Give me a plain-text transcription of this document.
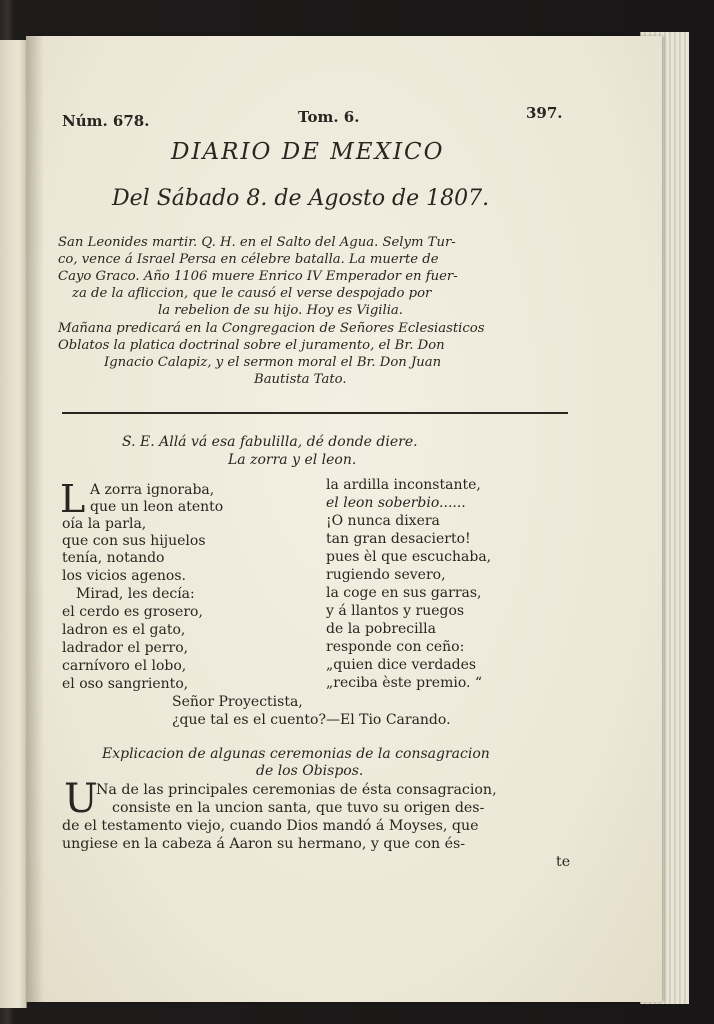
Núm. 678.	Tom. 6.	397.
DIARIO DE MEXICO
Del Sábado 8. de Agosto de 1807.
San Leonides martir. Q. H. en el Salto del Agua. Selym Tur-
co, vence á Israel Persa en célebre batalla. La muerte de
Cayo Graco. Año 1106 muere Enrico IV Emperador en fuer-
za de la afliccion, que le causó el verse despojado por
la rebelion de su hijo. Hoy es Vigilia.
Mañana predicará en la Congregacion de Señores Eclesiasticos
Oblatos la platica doctrinal sobre el juramento, el Br. Don
Ignacio Calapiz, y el sermon moral el Br. Don Juan
Bautista Tato.
S. E. Allá vá esa fabulilla, dé donde diere.
La zorra y el leon.
L A zorra ignoraba,
que un leon atento
oía la parla,
que con sus hijuelos
tenía, notando
los vicios agenos.
Mirad, les decía:
el cerdo es grosero,
ladron es el gato,
ladrador el perro,
carnívoro el lobo,
el oso sangriento,
la ardilla inconstante,
el leon soberbio......
¡O nunca dixera
tan gran desacierto!
pues èl que escuchaba,
rugiendo severo,
la coge en sus garras,
y á llantos y ruegos
de la pobrecilla
responde con ceño:
„quien dice verdades
„reciba èste premio. “
Señor Proyectista,
¿que tal es el cuento?—El Tio Carando.
Explicacion de algunas ceremonias de la consagracion
de los Obispos.
U
Na de las principales ceremonias de ésta consagracion,
consiste en la uncion santa, que tuvo su origen des-
de el testamento viejo, cuando Dios mandó á Moyses, que
ungiese en la cabeza á Aaron su hermano, y que con és-
te
